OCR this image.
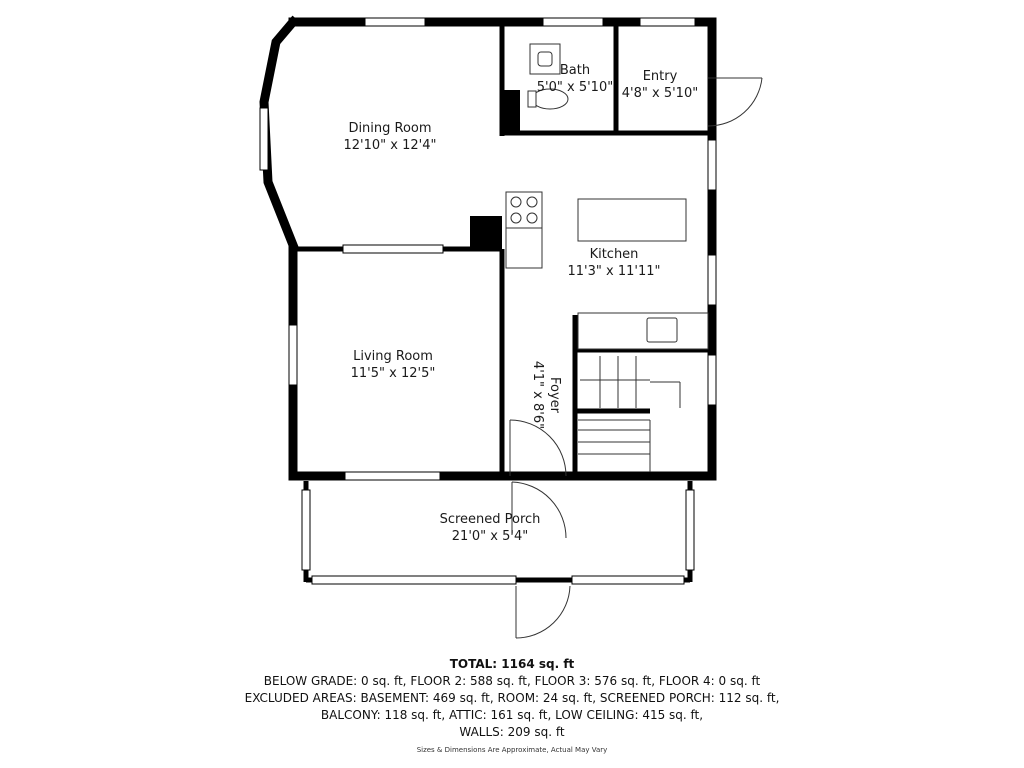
Dining Room
12'10" x 12'4"
Bath
5'0" x 5'10"
Entry
4'8" x 5'10"
Kitchen
11'3" x 11'11"
Living Room
11'5" x 12'5"
Foyer
4'1" x 8'6"
Screened Porch
21'0" x 5'4"
TOTAL: 1164 sq. ft
BELOW GRADE: 0 sq. ft, FLOOR 2: 588 sq. ft, FLOOR 3: 576 sq. ft, FLOOR 4: 0 sq. ft
EXCLUDED AREAS: BASEMENT: 469 sq. ft, ROOM: 24 sq. ft, SCREENED PORCH: 112 sq. ft,
BALCONY: 118 sq. ft, ATTIC: 161 sq. ft, LOW CEILING: 415 sq. ft,
WALLS: 209 sq. ft
Sizes & Dimensions Are Approximate, Actual May Vary
